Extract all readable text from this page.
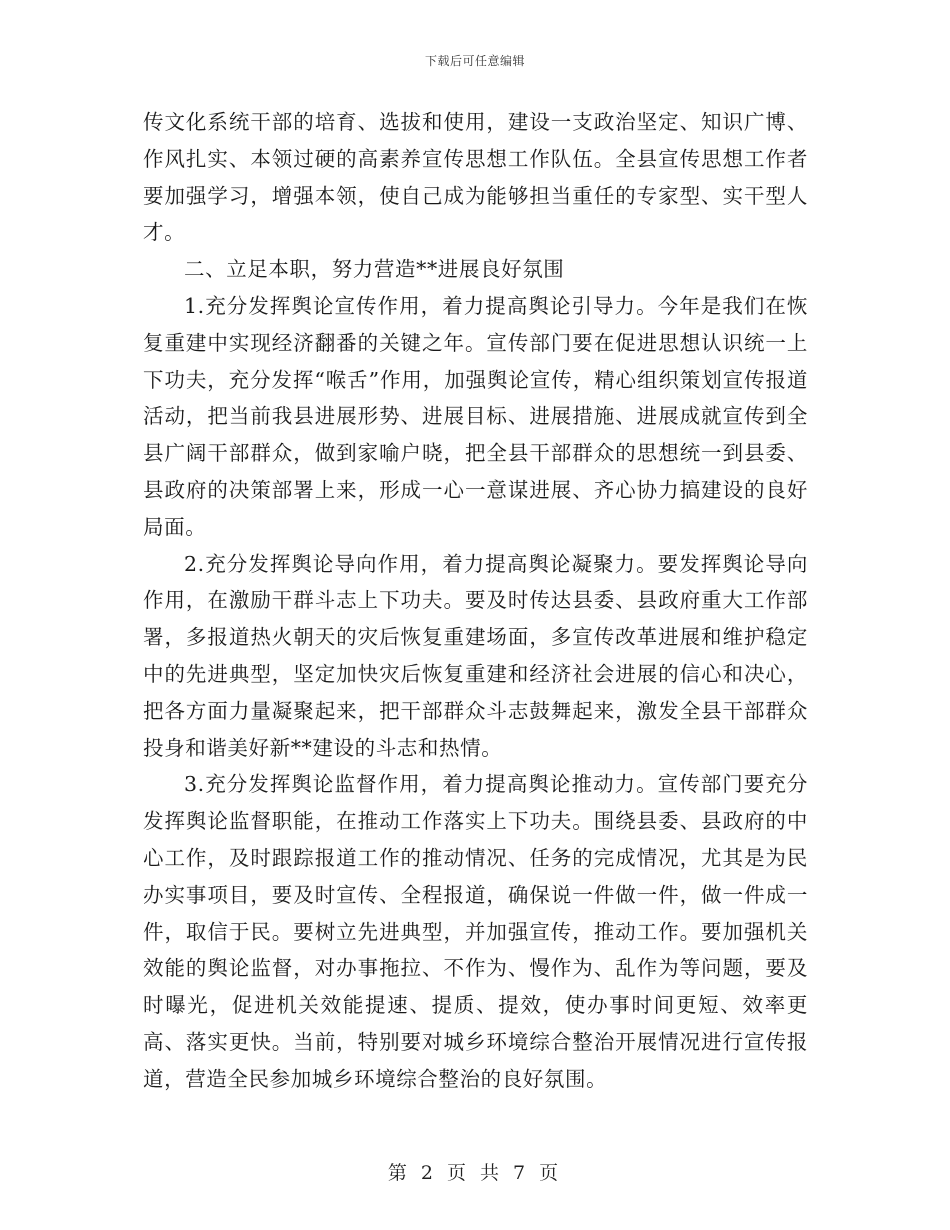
下载后可任意编辑

传文化系统干部的培育、选拔和使用，建设一支政治坚定、知识广博、作风扎实、本领过硬的高素养宣传思想工作队伍。全县宣传思想工作者要加强学习，增强本领，使自己成为能够担当重任的专家型、实干型人才。

二、立足本职，努力营造**进展良好氛围

1.充分发挥舆论宣传作用，着力提高舆论引导力。今年是我们在恢复重建中实现经济翻番的关键之年。宣传部门要在促进思想认识统一上下功夫，充分发挥“喉舌”作用，加强舆论宣传，精心组织策划宣传报道活动，把当前我县进展形势、进展目标、进展措施、进展成就宣传到全县广阔干部群众，做到家喻户晓，把全县干部群众的思想统一到县委、县政府的决策部署上来，形成一心一意谋进展、齐心协力搞建设的良好局面。

2.充分发挥舆论导向作用，着力提高舆论凝聚力。要发挥舆论导向作用，在激励干群斗志上下功夫。要及时传达县委、县政府重大工作部署，多报道热火朝天的灾后恢复重建场面，多宣传改革进展和维护稳定中的先进典型，坚定加快灾后恢复重建和经济社会进展的信心和决心，把各方面力量凝聚起来，把干部群众斗志鼓舞起来，激发全县干部群众投身和谐美好新**建设的斗志和热情。

3.充分发挥舆论监督作用，着力提高舆论推动力。宣传部门要充分发挥舆论监督职能，在推动工作落实上下功夫。围绕县委、县政府的中心工作，及时跟踪报道工作的推动情况、任务的完成情况，尤其是为民办实事项目，要及时宣传、全程报道，确保说一件做一件，做一件成一件，取信于民。要树立先进典型，并加强宣传，推动工作。要加强机关效能的舆论监督，对办事拖拉、不作为、慢作为、乱作为等问题，要及时曝光，促进机关效能提速、提质、提效，使办事时间更短、效率更高、落实更快。当前，特别要对城乡环境综合整治开展情况进行宣传报道，营造全民参加城乡环境综合整治的良好氛围。

第 2 页 共 7 页
